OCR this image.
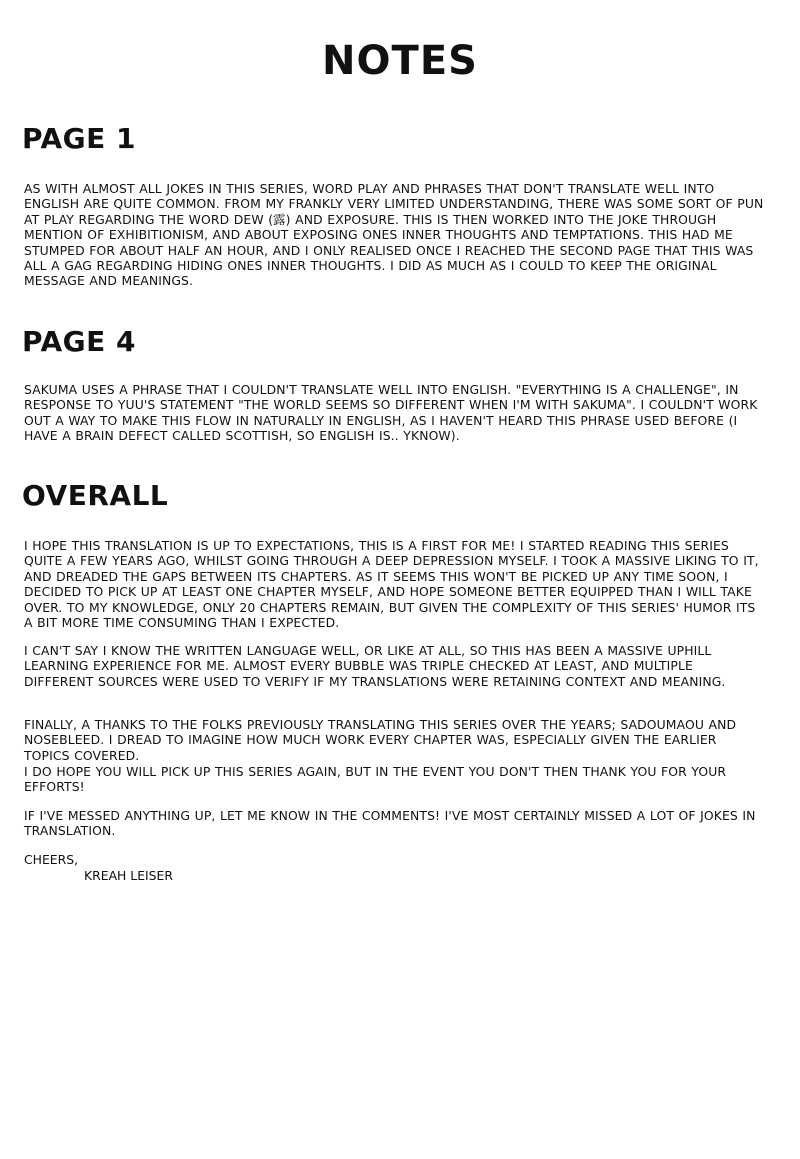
NOTES
PAGE 1

AS WITH ALMOST ALL JOKES IN THIS SERIES, WORD PLAY AND PHRASES THAT DON'T TRANSLATE WELL INTO ENGLISH ARE QUITE COMMON. FROM MY FRANKLY VERY LIMITED UNDERSTANDING, THERE WAS SOME SORT OF PUN AT PLAY REGARDING THE WORD DEW (露) AND EXPOSURE. THIS IS THEN WORKED INTO THE JOKE THROUGH MENTION OF EXHIBITIONISM, AND ABOUT EXPOSING ONES INNER THOUGHTS AND TEMPTATIONS. THIS HAD ME STUMPED FOR ABOUT HALF AN HOUR, AND I ONLY REALISED ONCE I REACHED THE SECOND PAGE THAT THIS WAS ALL A GAG REGARDING HIDING ONES INNER THOUGHTS. I DID AS MUCH AS I COULD TO KEEP THE ORIGINAL MESSAGE AND MEANINGS.

PAGE 4

SAKUMA USES A PHRASE THAT I COULDN'T TRANSLATE WELL INTO ENGLISH. "EVERYTHING IS A CHALLENGE", IN RESPONSE TO YUU'S STATEMENT "THE WORLD SEEMS SO DIFFERENT WHEN I'M WITH SAKUMA". I COULDN'T WORK OUT A WAY TO MAKE THIS FLOW IN NATURALLY IN ENGLISH, AS I HAVEN'T HEARD THIS PHRASE USED BEFORE (I HAVE A BRAIN DEFECT CALLED SCOTTISH, SO ENGLISH IS.. YKNOW).

OVERALL

I HOPE THIS TRANSLATION IS UP TO EXPECTATIONS, THIS IS A FIRST FOR ME! I STARTED READING THIS SERIES QUITE A FEW YEARS AGO, WHILST GOING THROUGH A DEEP DEPRESSION MYSELF. I TOOK A MASSIVE LIKING TO IT, AND DREADED THE GAPS BETWEEN ITS CHAPTERS. AS IT SEEMS THIS WON'T BE PICKED UP ANY TIME SOON, I DECIDED TO PICK UP AT LEAST ONE CHAPTER MYSELF, AND HOPE SOMEONE BETTER EQUIPPED THAN I WILL TAKE OVER. TO MY KNOWLEDGE, ONLY 20 CHAPTERS REMAIN, BUT GIVEN THE COMPLEXITY OF THIS SERIES' HUMOR ITS A BIT MORE TIME CONSUMING THAN I EXPECTED.

I CAN'T SAY I KNOW THE WRITTEN LANGUAGE WELL, OR LIKE AT ALL, SO THIS HAS BEEN A MASSIVE UPHILL LEARNING EXPERIENCE FOR ME. ALMOST EVERY BUBBLE WAS TRIPLE CHECKED AT LEAST, AND MULTIPLE DIFFERENT SOURCES WERE USED TO VERIFY IF MY TRANSLATIONS WERE RETAINING CONTEXT AND MEANING.

FINALLY, A THANKS TO THE FOLKS PREVIOUSLY TRANSLATING THIS SERIES OVER THE YEARS; SADOUMAOU AND NOSEBLEED. I DREAD TO IMAGINE HOW MUCH WORK EVERY CHAPTER WAS, ESPECIALLY GIVEN THE EARLIER TOPICS COVERED.

I DO HOPE YOU WILL PICK UP THIS SERIES AGAIN, BUT IN THE EVENT YOU DON'T THEN THANK YOU FOR YOUR EFFORTS!

IF I'VE MESSED ANYTHING UP, LET ME KNOW IN THE COMMENTS! I'VE MOST CERTAINLY MISSED A LOT OF JOKES IN TRANSLATION.

CHEERS,

KREAH LEISER
